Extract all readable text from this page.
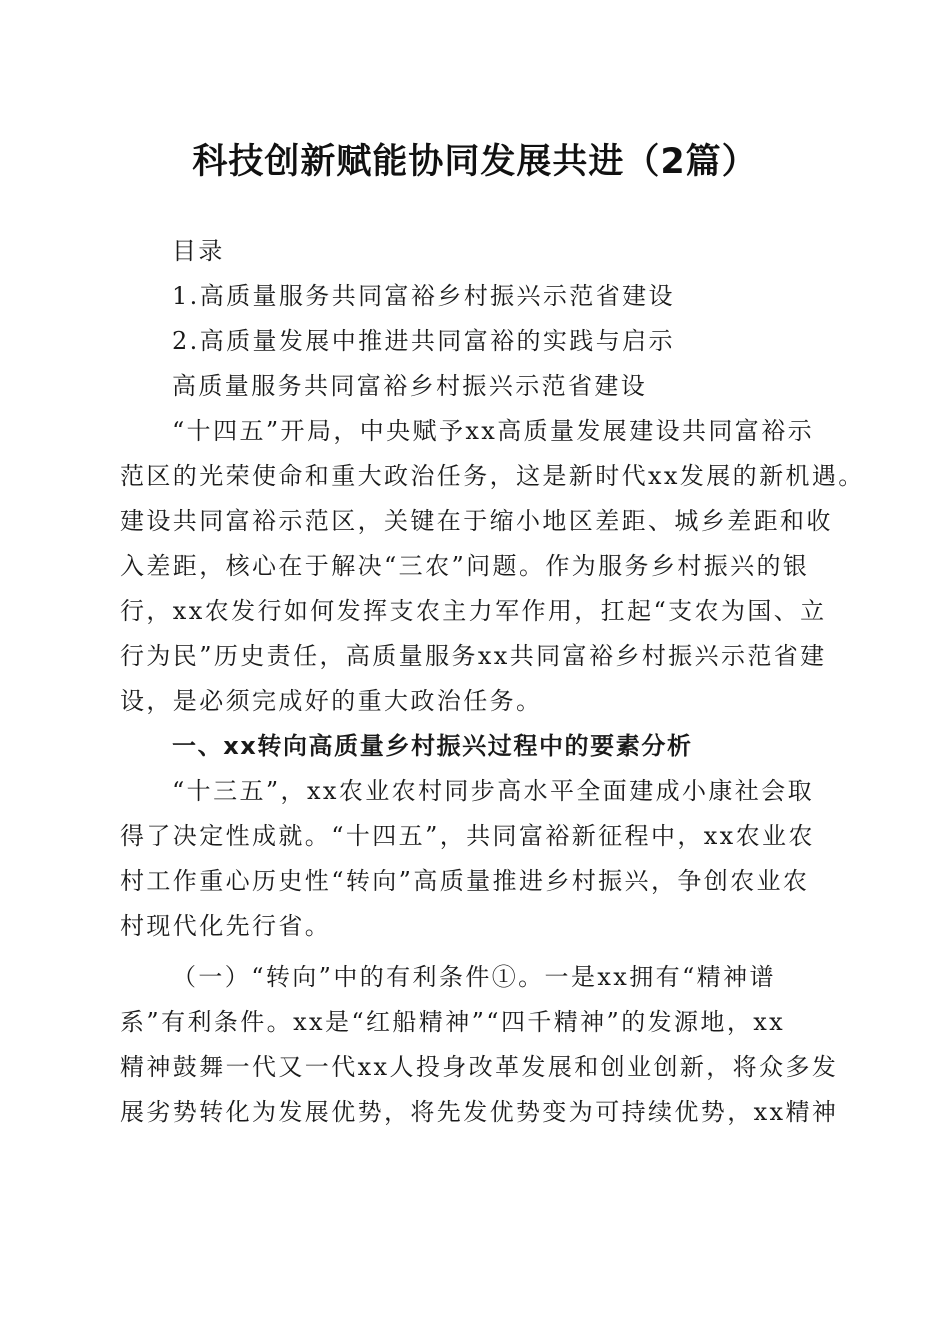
科技创新赋能协同发展共进（2篇）
目录
1.高质量服务共同富裕乡村振兴示范省建设
2.高质量发展中推进共同富裕的实践与启示
高质量服务共同富裕乡村振兴示范省建设
“十四五”开局，中央赋予xx高质量发展建设共同富裕示
范区的光荣使命和重大政治任务，这是新时代xx发展的新机遇。
建设共同富裕示范区，关键在于缩小地区差距、城乡差距和收
入差距，核心在于解决“三农”问题。作为服务乡村振兴的银
行，xx农发行如何发挥支农主力军作用，扛起“支农为国、立
行为民”历史责任，高质量服务xx共同富裕乡村振兴示范省建
设，是必须完成好的重大政治任务。
一、xx转向高质量乡村振兴过程中的要素分析
“十三五”，xx农业农村同步高水平全面建成小康社会取
得了决定性成就。“十四五”，共同富裕新征程中，xx农业农
村工作重心历史性“转向”高质量推进乡村振兴，争创农业农
村现代化先行省。
（一）“转向”中的有利条件①。一是xx拥有“精神谱
系”有利条件。xx是“红船精神”“四千精神”的发源地，xx
精神鼓舞一代又一代xx人投身改革发展和创业创新，将众多发
展劣势转化为发展优势，将先发优势变为可持续优势，xx精神
